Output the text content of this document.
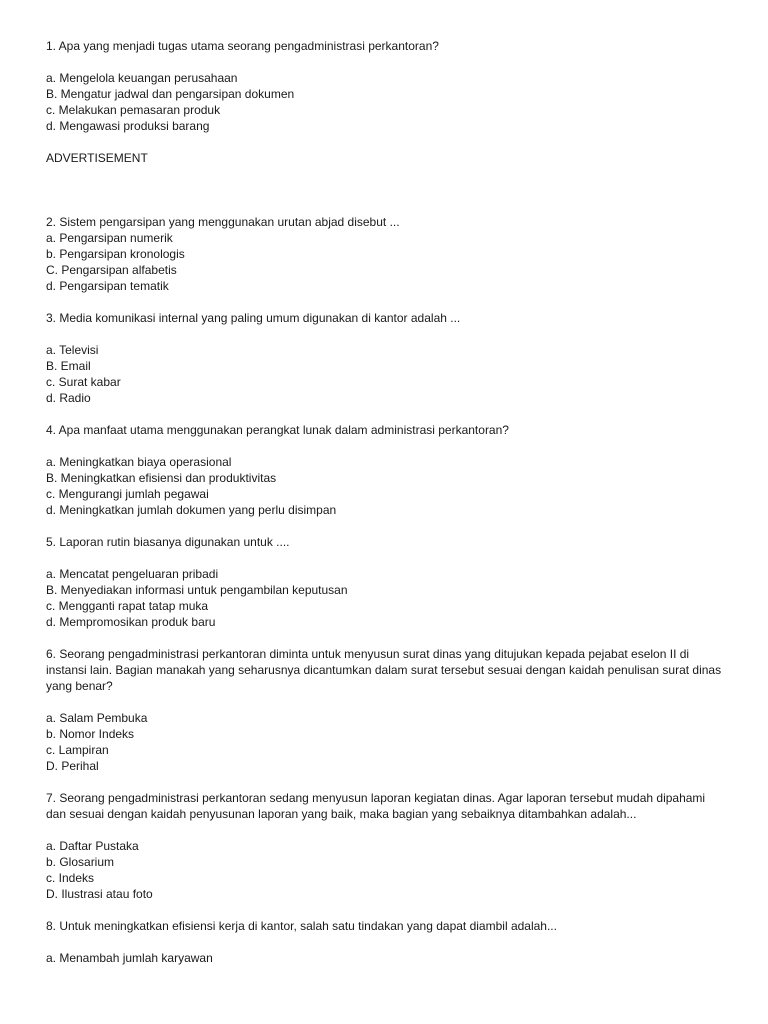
1. Apa yang menjadi tugas utama seorang pengadministrasi perkantoran?
a. Mengelola keuangan perusahaan
B. Mengatur jadwal dan pengarsipan dokumen
c. Melakukan pemasaran produk
d. Mengawasi produksi barang
ADVERTISEMENT
2. Sistem pengarsipan yang menggunakan urutan abjad disebut ...
a. Pengarsipan numerik
b. Pengarsipan kronologis
C. Pengarsipan alfabetis
d. Pengarsipan tematik
3. Media komunikasi internal yang paling umum digunakan di kantor adalah ...
a. Televisi
B. Email
c. Surat kabar
d. Radio
4. Apa manfaat utama menggunakan perangkat lunak dalam administrasi perkantoran?
a. Meningkatkan biaya operasional
B. Meningkatkan efisiensi dan produktivitas
c. Mengurangi jumlah pegawai
d. Meningkatkan jumlah dokumen yang perlu disimpan
5. Laporan rutin biasanya digunakan untuk ....
a. Mencatat pengeluaran pribadi
B. Menyediakan informasi untuk pengambilan keputusan
c. Mengganti rapat tatap muka
d. Mempromosikan produk baru
6. Seorang pengadministrasi perkantoran diminta untuk menyusun surat dinas yang ditujukan kepada pejabat eselon II di instansi lain. Bagian manakah yang seharusnya dicantumkan dalam surat tersebut sesuai dengan kaidah penulisan surat dinas yang benar?
a. Salam Pembuka
b. Nomor Indeks
c. Lampiran
D. Perihal
7. Seorang pengadministrasi perkantoran sedang menyusun laporan kegiatan dinas. Agar laporan tersebut mudah dipahami dan sesuai dengan kaidah penyusunan laporan yang baik, maka bagian yang sebaiknya ditambahkan adalah...
a. Daftar Pustaka
b. Glosarium
c. Indeks
D. Ilustrasi atau foto
8. Untuk meningkatkan efisiensi kerja di kantor, salah satu tindakan yang dapat diambil adalah...
a. Menambah jumlah karyawan
